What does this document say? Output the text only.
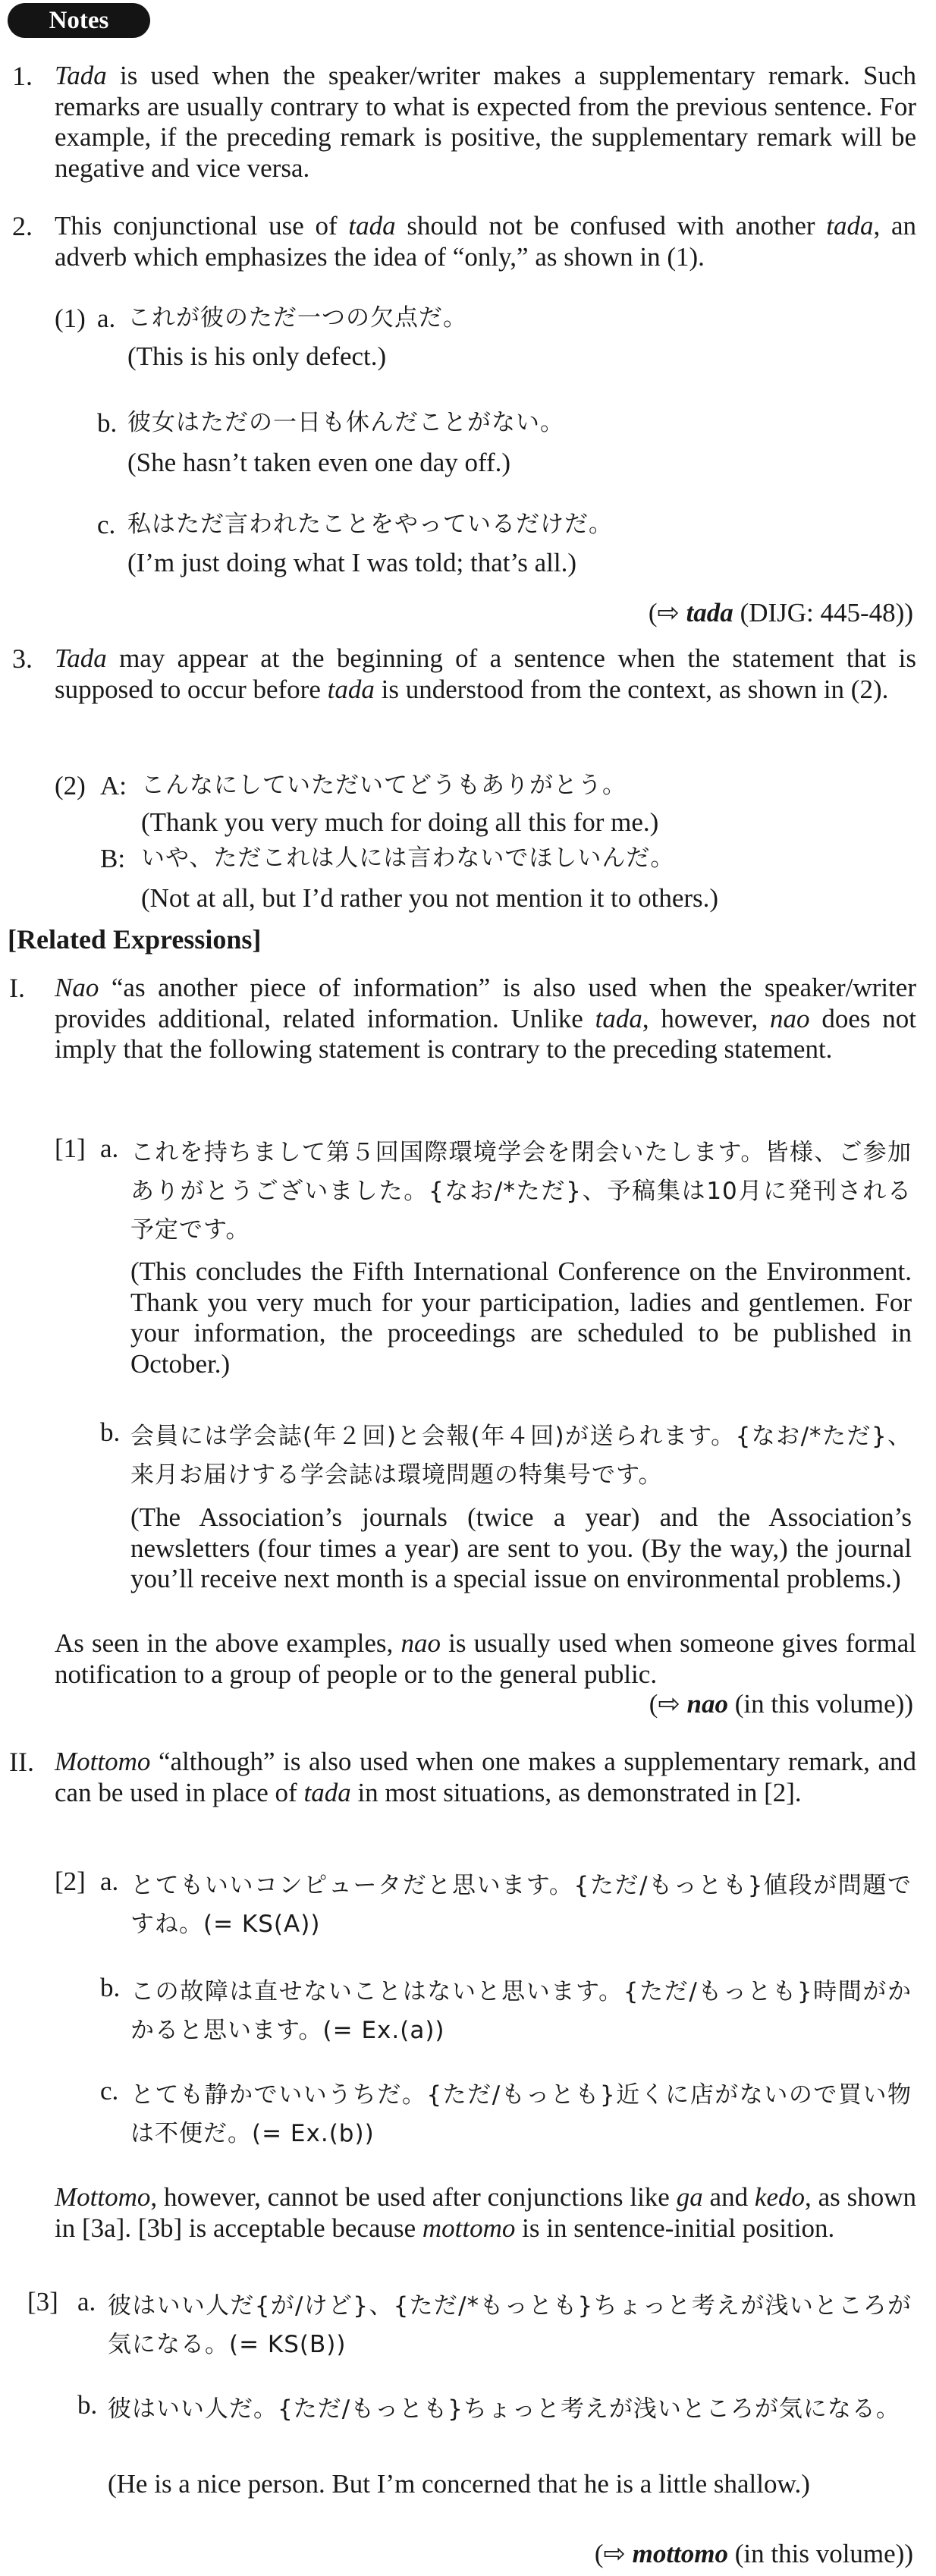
Notes
1. Tada is used when the speaker/writer makes a supplementary remark. Such remarks are usually contrary to what is expected from the previous sentence. For example, if the preceding remark is positive, the supplementary remark will be negative and vice versa.
2. This conjunctional use of tada should not be confused with another tada, an adverb which emphasizes the idea of “only,” as shown in (1).
(1) a. これが彼のただ一つの欠点だ。
(This is his only defect.)
b. 彼女はただの一日も休んだことがない。
(She hasn’t taken even one day off.)
c. 私はただ言われたことをやっているだけだ。
(I’m just doing what I was told; that’s all.)
(⇨ tada (DIJG: 445-48))
3. Tada may appear at the beginning of a sentence when the statement that is supposed to occur before tada is understood from the context, as shown in (2).
(2) A: こんなにしていただいてどうもありがとう。
(Thank you very much for doing all this for me.)
B: いや、ただこれは人には言わないでほしいんだ。
(Not at all, but I’d rather you not mention it to others.)
[Related Expressions]
I. Nao “as another piece of information” is also used when the speaker/writer provides additional, related information. Unlike tada, however, nao does not imply that the following statement is contrary to the preceding statement.
[1] a. これを持ちまして第５回国際環境学会を閉会いたします。皆様、ご参加ありがとうございました。{なお/*ただ}、予稿集は10月に発刊される予定です。
(This concludes the Fifth International Conference on the Environment. Thank you very much for your participation, ladies and gentlemen. For your information, the proceedings are scheduled to be published in October.)
b. 会員には学会誌(年２回)と会報(年４回)が送られます。{なお/*ただ}、来月お届けする学会誌は環境問題の特集号です。
(The Association’s journals (twice a year) and the Association’s newsletters (four times a year) are sent to you. (By the way,) the journal you’ll receive next month is a special issue on environmental problems.)
As seen in the above examples, nao is usually used when someone gives formal notification to a group of people or to the general public.
(⇨ nao (in this volume))
II. Mottomo “although” is also used when one makes a supplementary remark, and can be used in place of tada in most situations, as demonstrated in [2].
[2] a. とてもいいコンピュータだと思います。{ただ/もっとも}値段が問題ですね。(= KS(A))
b. この故障は直せないことはないと思います。{ただ/もっとも}時間がかかると思います。(= Ex.(a))
c. とても静かでいいうちだ。{ただ/もっとも}近くに店がないので買い物は不便だ。(= Ex.(b))
Mottomo, however, cannot be used after conjunctions like ga and kedo, as shown in [3a]. [3b] is acceptable because mottomo is in sentence-initial position.
[3] a. 彼はいい人だ{が/けど}、{ただ/*もっとも}ちょっと考えが浅いところが気になる。(= KS(B))
b. 彼はいい人だ。{ただ/もっとも}ちょっと考えが浅いところが気になる。
(He is a nice person. But I’m concerned that he is a little shallow.)
(⇨ mottomo (in this volume))
